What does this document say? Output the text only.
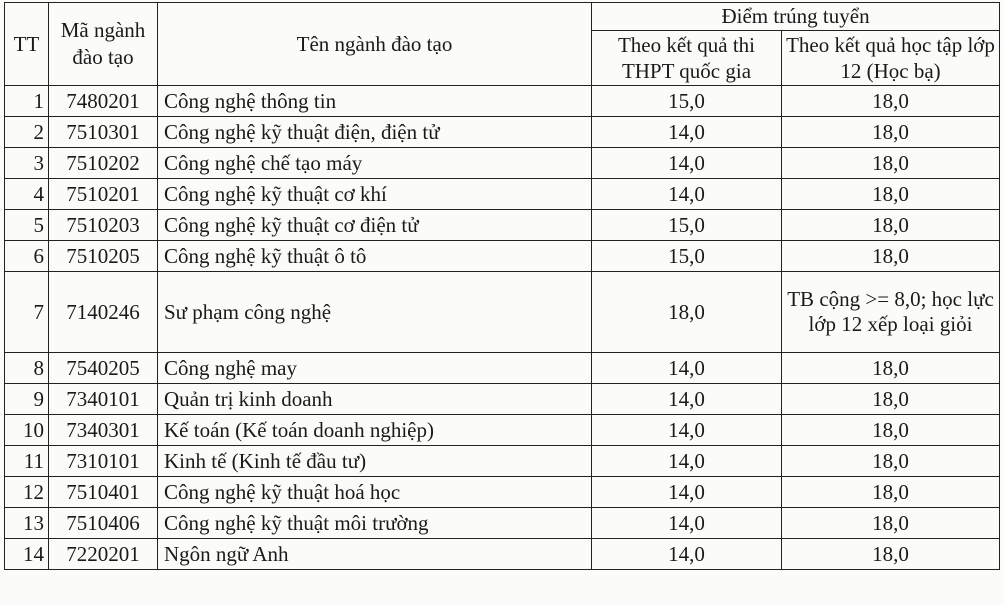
TT	Mã ngành đào tạo	Tên ngành đào tạo	Điểm trúng tuyển	
			Theo kết quả thi THPT quốc gia	Theo kết quả học tập lớp 12 (Học bạ)
1	7480201	Công nghệ thông tin	15,0	18,0
2	7510301	Công nghệ kỹ thuật điện, điện tử	14,0	18,0
3	7510202	Công nghệ chế tạo máy	14,0	18,0
4	7510201	Công nghệ kỹ thuật cơ khí	14,0	18,0
5	7510203	Công nghệ kỹ thuật cơ điện tử	15,0	18,0
6	7510205	Công nghệ kỹ thuật ô tô	15,0	18,0
7	7140246	Sư phạm công nghệ	18,0	TB cộng >= 8,0; học lực lớp 12 xếp loại giỏi
8	7540205	Công nghệ may	14,0	18,0
9	7340101	Quản trị kinh doanh	14,0	18,0
10	7340301	Kế toán (Kế toán doanh nghiệp)	14,0	18,0
11	7310101	Kinh tế (Kinh tế đầu tư)	14,0	18,0
12	7510401	Công nghệ kỹ thuật hoá học	14,0	18,0
13	7510406	Công nghệ kỹ thuật môi trường	14,0	18,0
14	7220201	Ngôn ngữ Anh	14,0	18,0
